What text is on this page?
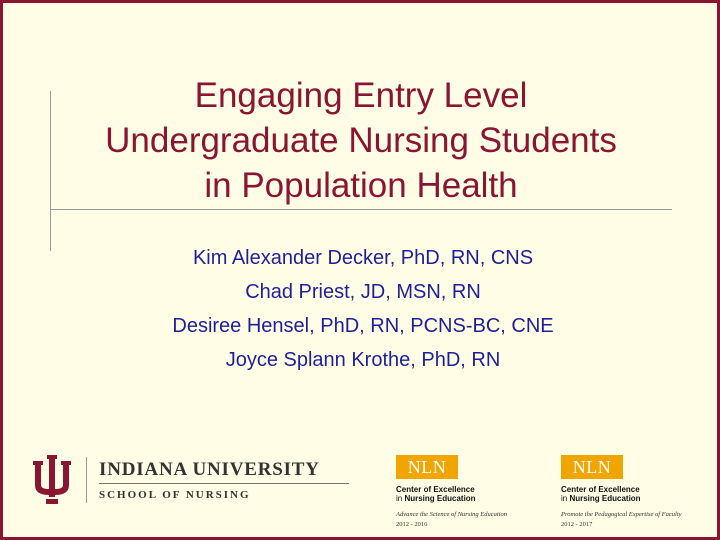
Engaging Entry Level
Undergraduate Nursing Students
in Population Health
Kim Alexander Decker, PhD, RN, CNS
Chad Priest, JD, MSN, RN
Desiree Hensel, PhD, RN, PCNS-BC, CNE
Joyce Splann Krothe, PhD, RN
INDIANA UNIVERSITY
SCHOOL OF NURSING
NLN
Center of Excellence
in Nursing Education
Advance the Science of Nursing Education
2012 - 2016
NLN
Center of Excellence
in Nursing Education
Promote the Pedagogical Expertise of Faculty
2012 - 2017
